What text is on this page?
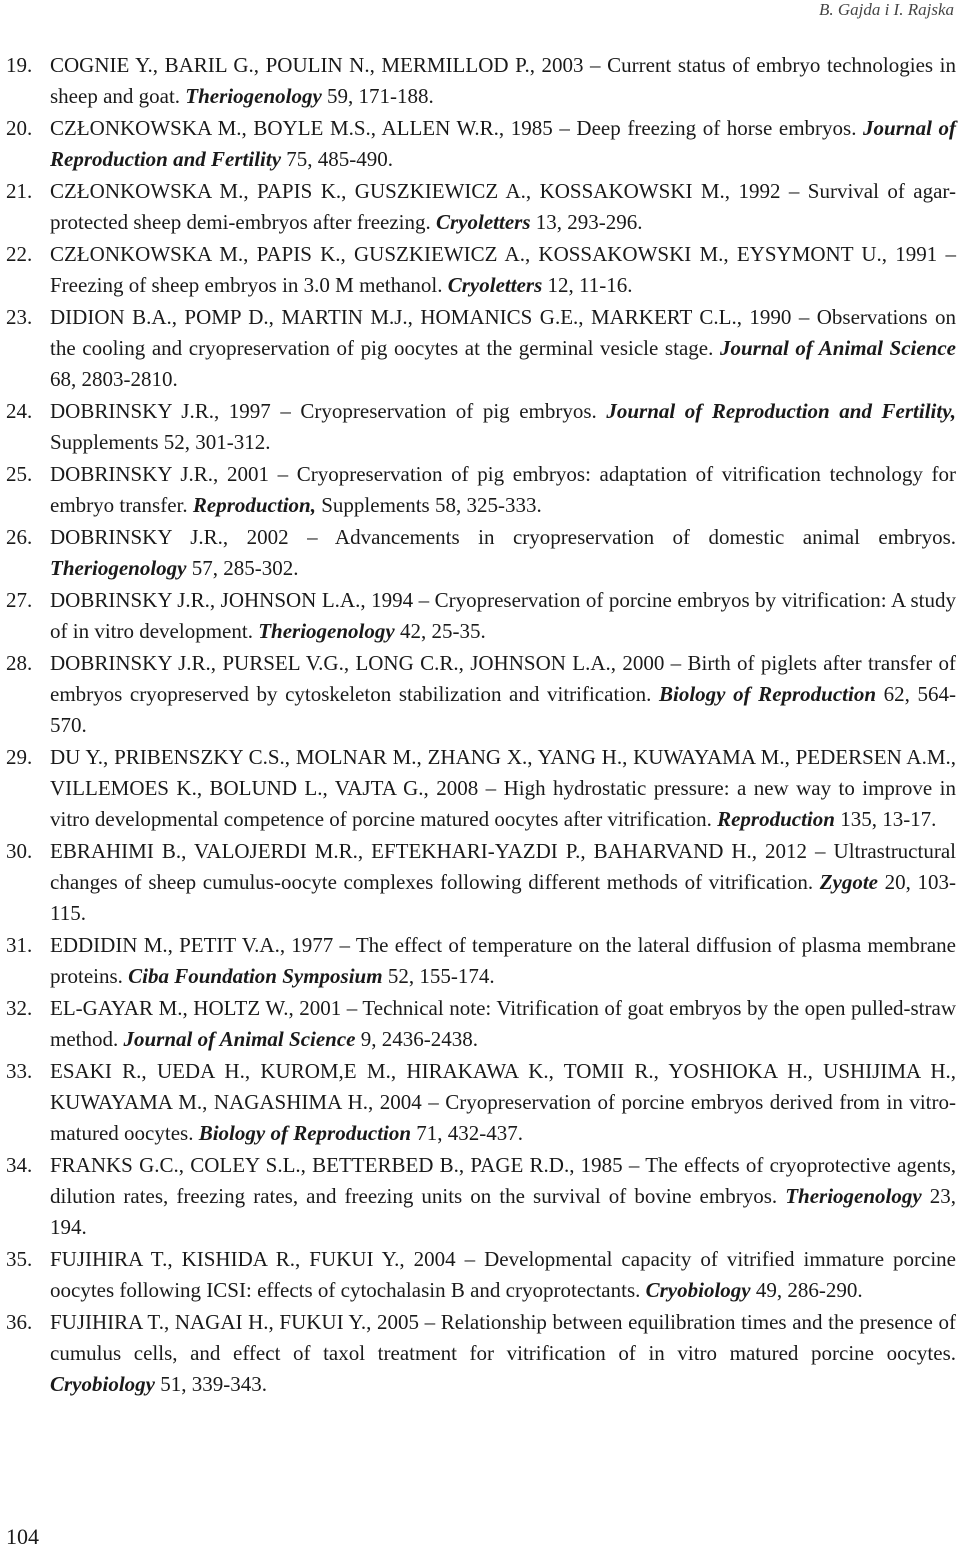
B. Gajda i I. Rajska
19. COGNIE Y., BARIL G., POULIN N., MERMILLOD P., 2003 – Current status of embryo technologies in sheep and goat. Theriogenology 59, 171-188.
20. CZŁONKOWSKA M., BOYLE M.S., ALLEN W.R., 1985 – Deep freezing of horse embryos. Journal of Reproduction and Fertility 75, 485-490.
21. CZŁONKOWSKA M., PAPIS K., GUSZKIEWICZ A., KOSSAKOWSKI M., 1992 – Survival of agar-protected sheep demi-embryos after freezing. Cryoletters 13, 293-296.
22. CZŁONKOWSKA M., PAPIS K., GUSZKIEWICZ A., KOSSAKOWSKI M., EYSYMONT U., 1991 – Freezing of sheep embryos in 3.0 M methanol. Cryoletters 12, 11-16.
23. DIDION B.A., POMP D., MARTIN M.J., HOMANICS G.E., MARKERT C.L., 1990 – Observations on the cooling and cryopreservation of pig oocytes at the germinal vesicle stage. Journal of Animal Science 68, 2803-2810.
24. DOBRINSKY J.R., 1997 – Cryopreservation of pig embryos. Journal of Reproduction and Fertility, Supplements 52, 301-312.
25. DOBRINSKY J.R., 2001 – Cryopreservation of pig embryos: adaptation of vitrification technology for embryo transfer. Reproduction, Supplements 58, 325-333.
26. DOBRINSKY J.R., 2002 – Advancements in cryopreservation of domestic animal embryos. Theriogenology 57, 285-302.
27. DOBRINSKY J.R., JOHNSON L.A., 1994 – Cryopreservation of porcine embryos by vitrification: A study of in vitro development. Theriogenology 42, 25-35.
28. DOBRINSKY J.R., PURSEL V.G., LONG C.R., JOHNSON L.A., 2000 – Birth of piglets after transfer of embryos cryopreserved by cytoskeleton stabilization and vitrification. Biology of Reproduction 62, 564-570.
29. DU Y., PRIBENSZKY C.S., MOLNAR M., ZHANG X., YANG H., KUWAYAMA M., PEDERSEN A.M., VILLEMOES K., BOLUND L., VAJTA G., 2008 – High hydrostatic pressure: a new way to improve in vitro developmental competence of porcine matured oocytes after vitrification. Reproduction 135, 13-17.
30. EBRAHIMI B., VALOJERDI M.R., EFTEKHARI-YAZDI P., BAHARVAND H., 2012 – Ultrastructural changes of sheep cumulus-oocyte complexes following different methods of vitrification. Zygote 20, 103-115.
31. EDDIDIN M., PETIT V.A., 1977 – The effect of temperature on the lateral diffusion of plasma membrane proteins. Ciba Foundation Symposium 52, 155-174.
32. EL-GAYAR M., HOLTZ W., 2001 – Technical note: Vitrification of goat embryos by the open pulled-straw method. Journal of Animal Science 9, 2436-2438.
33. ESAKI R., UEDA H., KUROM,E M., HIRAKAWA K., TOMII R., YOSHIOKA H., USHIJIMA H., KUWAYAMA M., NAGASHIMA H., 2004 – Cryopreservation of porcine embryos derived from in vitro-matured oocytes. Biology of Reproduction 71, 432-437.
34. FRANKS G.C., COLEY S.L., BETTERBED B., PAGE R.D., 1985 – The effects of cryoprotective agents, dilution rates, freezing rates, and freezing units on the survival of bovine embryos. Theriogenology 23, 194.
35. FUJIHIRA T., KISHIDA R., FUKUI Y., 2004 – Developmental capacity of vitrified immature porcine oocytes following ICSI: effects of cytochalasin B and cryoprotectants. Cryobiology 49, 286-290.
36. FUJIHIRA T., NAGAI H., FUKUI Y., 2005 – Relationship between equilibration times and the presence of cumulus cells, and effect of taxol treatment for vitrification of in vitro matured porcine oocytes. Cryobiology 51, 339-343.
104
